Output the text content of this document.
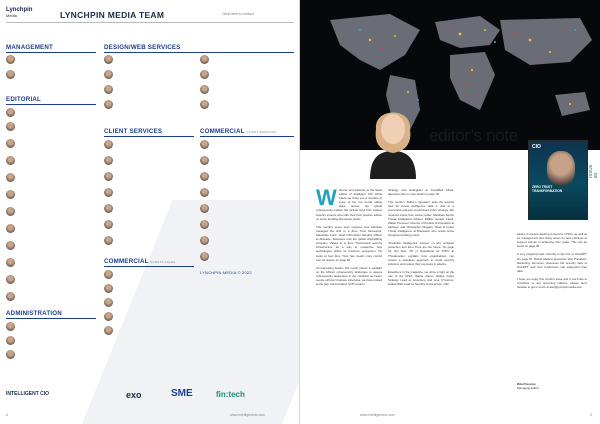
Lynchpin
Media	LYNCHPIN MEDIA TEAM	Click here to contact
MANAGEMENT

	DESIGN/WEB SERVICES
EDITORIAL
CLIENT SERVICES	COMMERCIAL CLIENT SERVICES
COMMERCIAL EVENTS SALES
LYNCHPIN MEDIA © 2022
ADMINISTRATION
INTELLIGENT CIO	exo	SME	fin:tech
6	www.intelligentcio.com
editor’s note
CIO
ZERO TRUST
TRANSFORMATION
ISSUE 60
W elcome and welcome to the latest edition of Intelligent CIO Africa where we bring you a roundup of some of the top trends taking place across the global cybersecurity market. We include input from various industry experts who offer their best practice advice on some trending discussion points.

This month’s cover story explores how Absolute managed the shift to a Zero Trust framework. Sebastian Kunz, Chief Information Security Officer at Absolute, discusses how the global shipbuilding company shifted to a Zero Trust-based security infrastructure as a way to modernise how technologies within its business ecosystem. He looks at how Zero Trust has meant more control over its assets, on page 20.

An interesting feature this month places a spotlight on the African cybersecurity landscape to assess cybersecurity awareness in the continent as heavy people still don’t behave cyberwise, we have looked at the gap. Anna Collard, SVP Content
Strategy and Evangelist at KnowBe4 Africa, discusses this in more detail on page 18.

This month’s ‘Editor’s Question’ asks the experts how far threat intelligence data is vital to a successful end-end modernised cyber strategy. We received inputs from Jamie Collier, Mandiant Senior Threat Intelligence Advisor, EMEA, Google Cloud; Walter Thevenet, Director of Product & Innovation at Alpheus; and Christopher Duggan, Head of Cyber Threat Intelligence at Bracewell, who revise some thought-provoking points.

‘Predictive Intelligence’ focuses on why endpoint protection and Zero Trust are the future. On page 22, Roi Alon, VP of Operations for THPC at ThreatLocker, explains how organisations can ensure a seamless approach to cloud security solutions and reduce their exposure to attacks.

Elsewhere in the magazine, we shine a light on the role of the CISO. Wanie Atieno, Global Cyber Strategy Lead at Accenture and Lisa O’Connor, Global R&D Lead for Security at Accenture, offer
advice to anyone aspiring to become CISOs, as well as for management and hiring teams on best practices to support women in achieving their goals. This can be found on page 48.

A very poignant topic currently is the rise of OneSIPT. On page 57, Rohan Malerki, Executive Vice President-Marketing, Armorsec, discusses the security risks of OneSIPT and how businesses can safeguard their data.

I hope you enjoy this month’s issue and if you’d like to contribute to any upcoming editions, please don’t hesitate to get in touch at alex@lynchpinmedia.com
Rita Prescize
Managing Editor
www.intelligentcio.com	5
